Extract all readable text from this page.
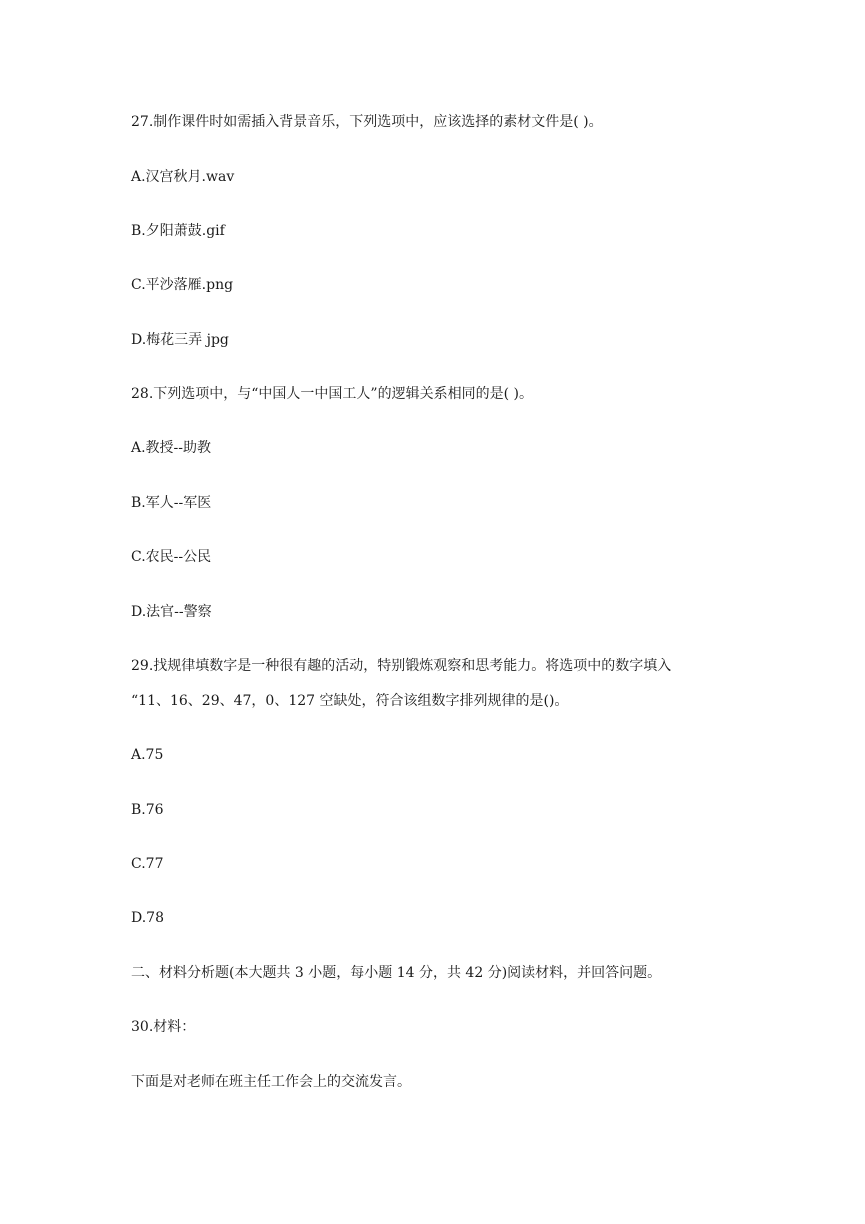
27.制作课件时如需插入背景音乐，下列选项中，应该选择的素材文件是( )。

A.汉宫秋月.wav

B.夕阳萧鼓.gif

C.平沙落雁.png

D.梅花三弄 jpg

28.下列选项中，与“中国人一中国工人”的逻辑关系相同的是( )。

A.教授--助教

B.军人--军医

C.农民--公民

D.法官--警察

29.找规律填数字是一种很有趣的活动，特别锻炼观察和思考能力。将选项中的数字填入

“11、16、29、47，0、127 空缺处，符合该组数字排列规律的是()。

A.75

B.76

C.77

D.78

二、材料分析题(本大题共 3 小题，每小题 14 分，共 42 分)阅读材料，并回答问题。

30.材料：

下面是对老师在班主任工作会上的交流发言。
